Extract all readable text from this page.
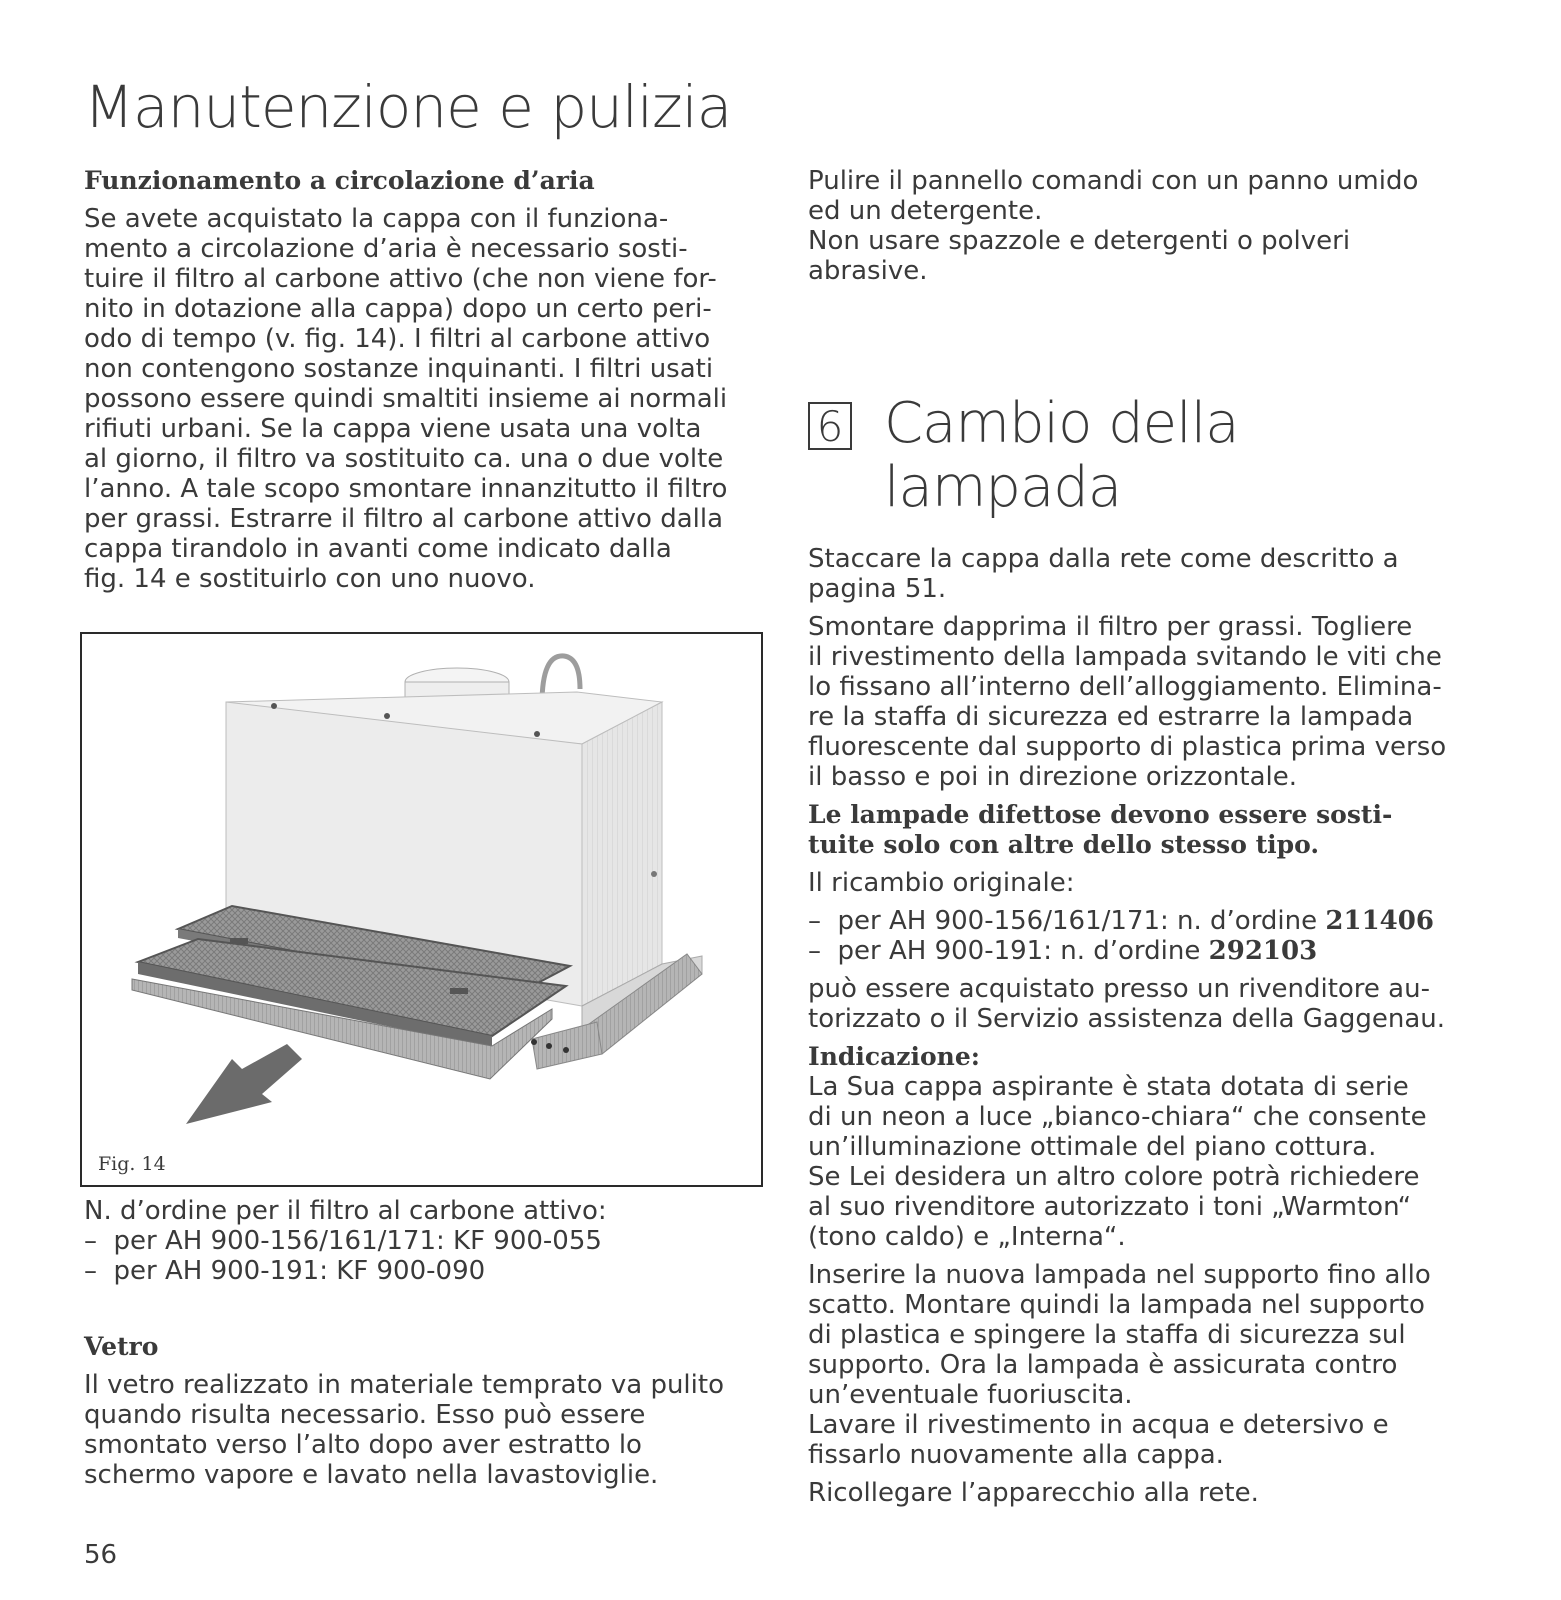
Manutenzione e pulizia

Funzionamento a circolazione d’aria

Se avete acquistato la cappa con il funziona-
mento a circolazione d’aria è necessario sosti-
tuire il filtro al carbone attivo (che non viene for-
nito in dotazione alla cappa) dopo un certo peri-
odo di tempo (v. fig. 14). I filtri al carbone attivo
non contengono sostanze inquinanti. I filtri usati
possono essere quindi smaltiti insieme ai normali
rifiuti urbani. Se la cappa viene usata una volta
al giorno, il filtro va sostituito ca. una o due volte
l’anno. A tale scopo smontare innanzitutto il filtro
per grassi. Estrarre il filtro al carbone attivo dalla
cappa tirandolo in avanti come indicato dalla
fig. 14 e sostituirlo con uno nuovo.

Fig. 14

N. d’ordine per il filtro al carbone attivo:

–  per AH 900-156/161/171: KF 900-055

–  per AH 900-191: KF 900-090

Vetro

Il vetro realizzato in materiale temprato va pulito
quando risulta necessario. Esso può essere
smontato verso l’alto dopo aver estratto lo
schermo vapore e lavato nella lavastoviglie.

56

Pulire il pannello comandi con un panno umido
ed un detergente.
Non usare spazzole e detergenti o polveri
abrasive.

6 Cambio della
lampada

Staccare la cappa dalla rete come descritto a
pagina 51.

Smontare dapprima il filtro per grassi. Togliere
il rivestimento della lampada svitando le viti che
lo fissano all’interno dell’alloggiamento. Elimina-
re la staffa di sicurezza ed estrarre la lampada
fluorescente dal supporto di plastica prima verso
il basso e poi in direzione orizzontale.

Le lampade difettose devono essere sosti-
tuite solo con altre dello stesso tipo.

Il ricambio originale:

–  per AH 900-156/161/171: n. d’ordine 211406

–  per AH 900-191: n. d’ordine 292103

può essere acquistato presso un rivenditore au-
torizzato o il Servizio assistenza della Gaggenau.

Indicazione:

La Sua cappa aspirante è stata dotata di serie
di un neon a luce „bianco-chiara“ che consente
un’illuminazione ottimale del piano cottura.
Se Lei desidera un altro colore potrà richiedere
al suo rivenditore autorizzato i toni „Warmton“
(tono caldo) e „Interna“.

Inserire la nuova lampada nel supporto fino allo
scatto. Montare quindi la lampada nel supporto
di plastica e spingere la staffa di sicurezza sul
supporto. Ora la lampada è assicurata contro
un’eventuale fuoriuscita.
Lavare il rivestimento in acqua e detersivo e
fissarlo nuovamente alla cappa.

Ricollegare l’apparecchio alla rete.
